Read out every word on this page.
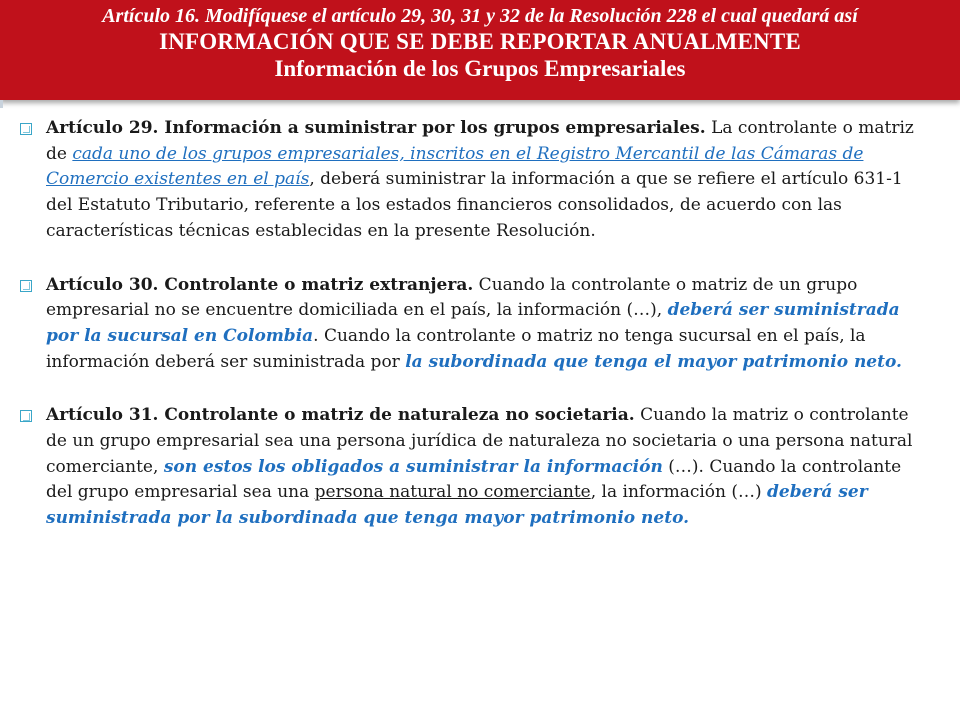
Artículo 16. Modifíquese el artículo 29, 30, 31 y 32 de la Resolución 228 el cual quedará así
INFORMACIÓN QUE SE DEBE REPORTAR ANUALMENTE
Información de los Grupos Empresariales
Artículo 29. Información a suministrar por los grupos empresariales. La controlante o matriz de cada uno de los grupos empresariales, inscritos en el Registro Mercantil de las Cámaras de Comercio existentes en el país, deberá suministrar la información a que se refiere el artículo 631-1 del Estatuto Tributario, referente a los estados financieros consolidados, de acuerdo con las características técnicas establecidas en la presente Resolución.
Artículo 30. Controlante o matriz extranjera. Cuando la controlante o matriz de un grupo empresarial no se encuentre domiciliada en el país, la información (…), deberá ser suministrada por la sucursal en Colombia. Cuando la controlante o matriz no tenga sucursal en el país, la información deberá ser suministrada por la subordinada que tenga el mayor patrimonio neto.
Artículo 31. Controlante o matriz de naturaleza no societaria. Cuando la matriz o controlante de un grupo empresarial sea una persona jurídica de naturaleza no societaria o una persona natural comerciante, son estos los obligados a suministrar la información (…). Cuando la controlante del grupo empresarial sea una persona natural no comerciante, la información (…) deberá ser suministrada por la subordinada que tenga mayor patrimonio neto.
